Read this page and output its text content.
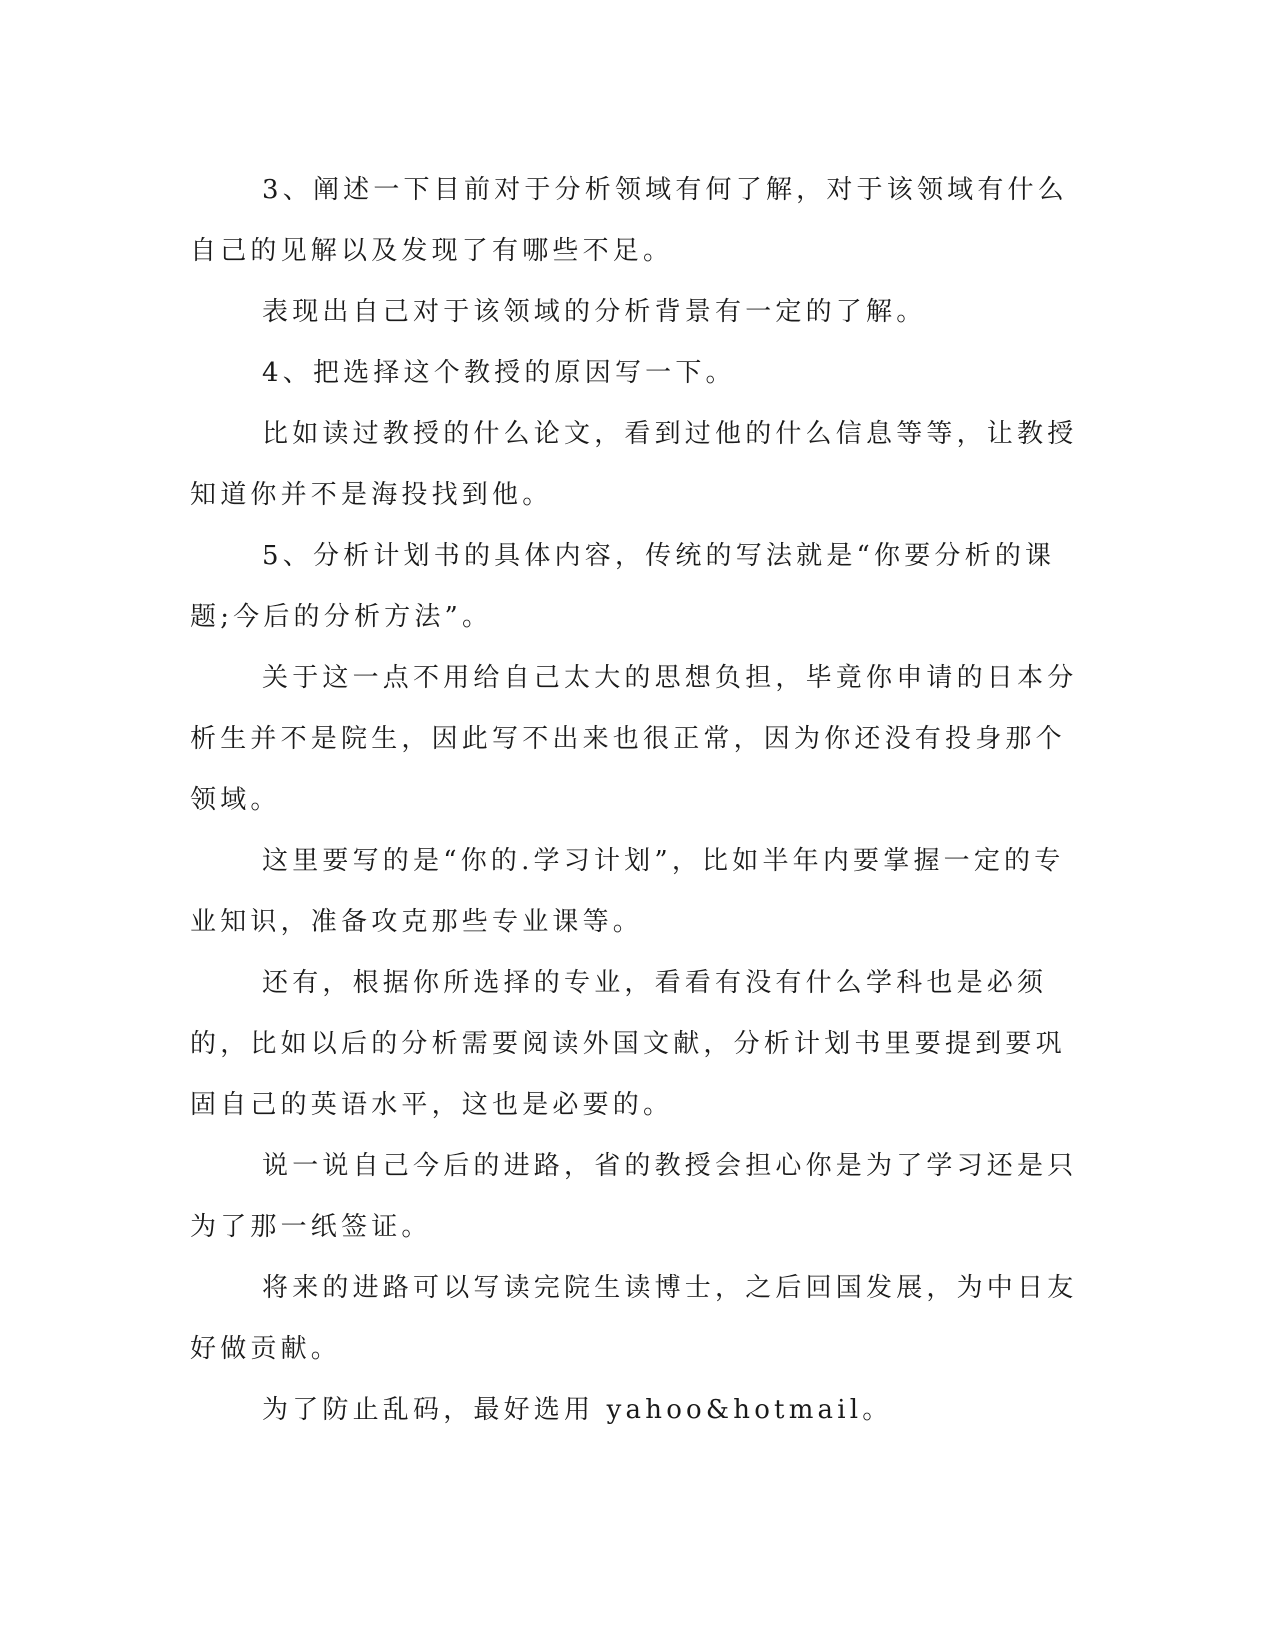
3、阐述一下目前对于分析领域有何了解，对于该领域有什么自己的见解以及发现了有哪些不足。

表现出自己对于该领域的分析背景有一定的了解。

4、把选择这个教授的原因写一下。

比如读过教授的什么论文，看到过他的什么信息等等，让教授知道你并不是海投找到他。

5、分析计划书的具体内容，传统的写法就是“你要分析的课题;今后的分析方法”。

关于这一点不用给自己太大的思想负担，毕竟你申请的日本分析生并不是院生，因此写不出来也很正常，因为你还没有投身那个领域。

这里要写的是“你的.学习计划”，比如半年内要掌握一定的专业知识，准备攻克那些专业课等。

还有，根据你所选择的专业，看看有没有什么学科也是必须的，比如以后的分析需要阅读外国文献，分析计划书里要提到要巩固自己的英语水平，这也是必要的。

说一说自己今后的进路，省的教授会担心你是为了学习还是只为了那一纸签证。

将来的进路可以写读完院生读博士，之后回国发展，为中日友好做贡献。

为了防止乱码，最好选用 yahoo&hotmail。
